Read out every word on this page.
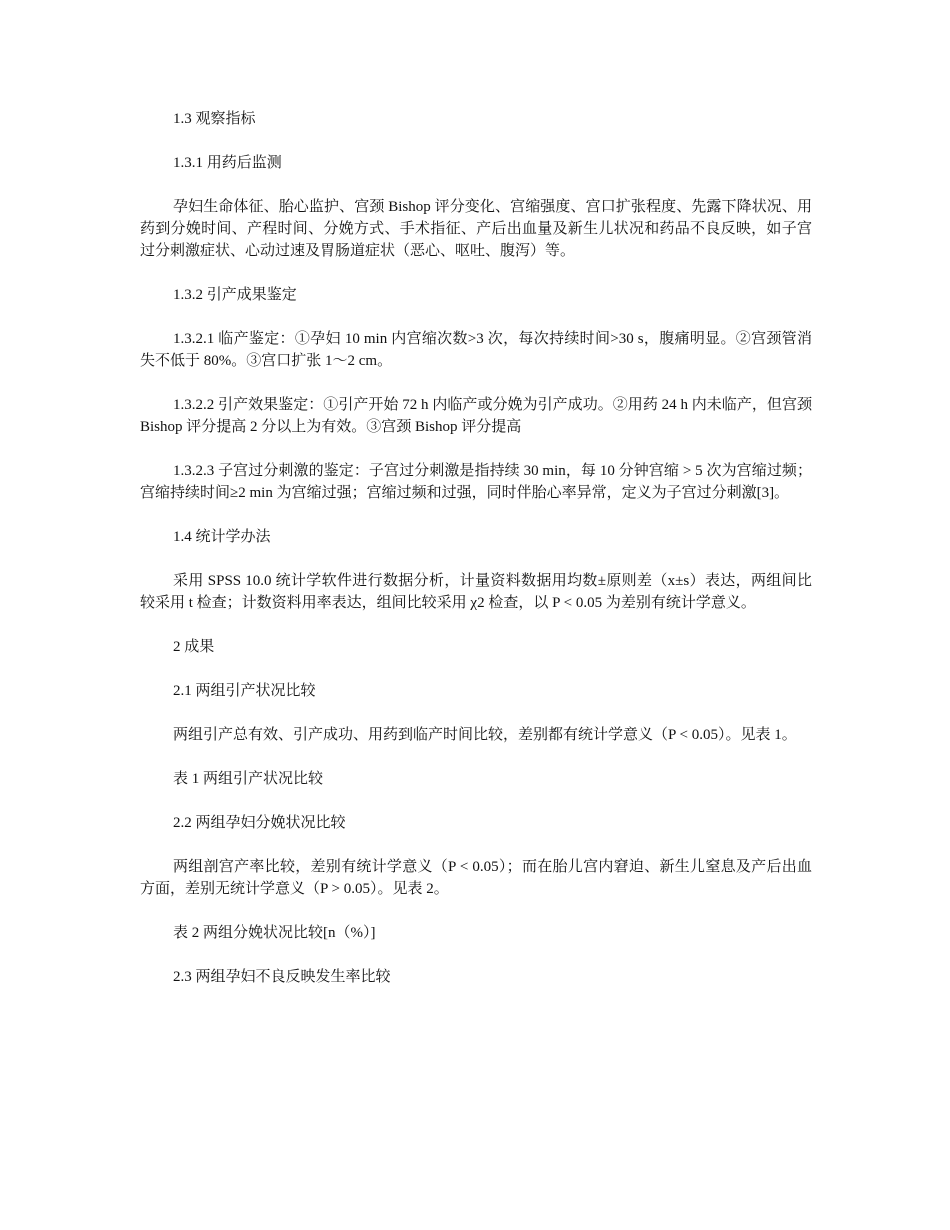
1.3 观察指标

1.3.1 用药后监测

孕妇生命体征、胎心监护、宫颈 Bishop 评分变化、宫缩强度、宫口扩张程度、先露下降状况、用药到分娩时间、产程时间、分娩方式、手术指征、产后出血量及新生儿状况和药品不良反映，如子宫过分刺激症状、心动过速及胃肠道症状（恶心、呕吐、腹泻）等。

1.3.2 引产成果鉴定

1.3.2.1 临产鉴定：①孕妇 10 min 内宫缩次数>3 次，每次持续时间>30 s，腹痛明显。②宫颈管消失不低于 80%。③宫口扩张 1～2 cm。

1.3.2.2 引产效果鉴定：①引产开始 72 h 内临产或分娩为引产成功。②用药 24 h 内未临产，但宫颈 Bishop 评分提高 2 分以上为有效。③宫颈 Bishop 评分提高

1.3.2.3 子宫过分刺激的鉴定：子宫过分刺激是指持续 30 min，每 10 分钟宫缩 > 5 次为宫缩过频；宫缩持续时间≥2 min 为宫缩过强；宫缩过频和过强，同时伴胎心率异常，定义为子宫过分刺激[3]。

1.4 统计学办法

采用 SPSS 10.0 统计学软件进行数据分析，计量资料数据用均数±原则差（x±s）表达，两组间比较采用 t 检查；计数资料用率表达，组间比较采用 χ2 检查，以 P < 0.05 为差别有统计学意义。

2 成果

2.1 两组引产状况比较

两组引产总有效、引产成功、用药到临产时间比较，差别都有统计学意义（P < 0.05）。见表 1。

表 1 两组引产状况比较

2.2 两组孕妇分娩状况比较

两组剖宫产率比较，差别有统计学意义（P < 0.05）；而在胎儿宫内窘迫、新生儿窒息及产后出血方面，差别无统计学意义（P > 0.05）。见表 2。

表 2 两组分娩状况比较[n（%）]

2.3 两组孕妇不良反映发生率比较
